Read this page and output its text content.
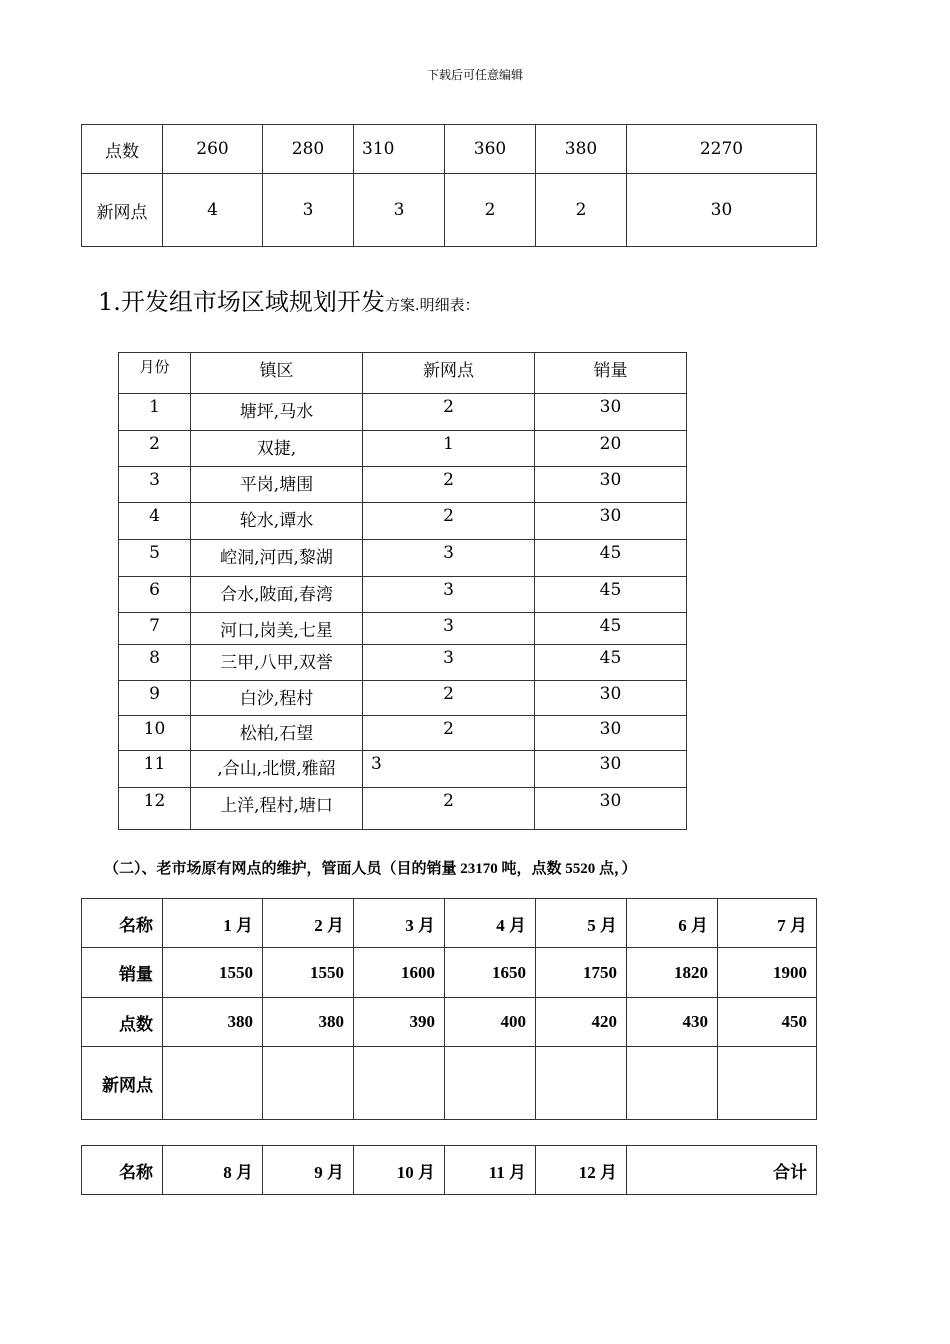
下载后可任意编辑
点数	260	280	310	360	380	2270
新网点	4	3	3	2	2	30
1.开发组市场区域规划开发方案.明细表：
月份	镇区	新网点	销量
1	塘坪,马水	2	30
2	双捷,	1	20
3	平岗,塘围	2	30
4	轮水,谭水	2	30
5	崆洞,河西,黎湖	3	45
6	合水,陂面,春湾	3	45
7	河口,岗美,七星	3	45
8	三甲,八甲,双誉	3	45
9	白沙,程村	2	30
10	松柏,石望	2	30
11	,合山,北惯,雅韶	3	30
12	上洋,程村,塘口	2	30
（二）、老市场原有网点的维护，管面人员（目的销量 23170 吨，点数 5520 点，）
名称	1 月	2 月	3 月	4 月	5 月	6 月	7 月
销量	1550	1550	1600	1650	1750	1820	1900
点数	380	380	390	400	420	430	450
新网点							
名称	8 月	9 月	10 月	11 月	12 月	合计
